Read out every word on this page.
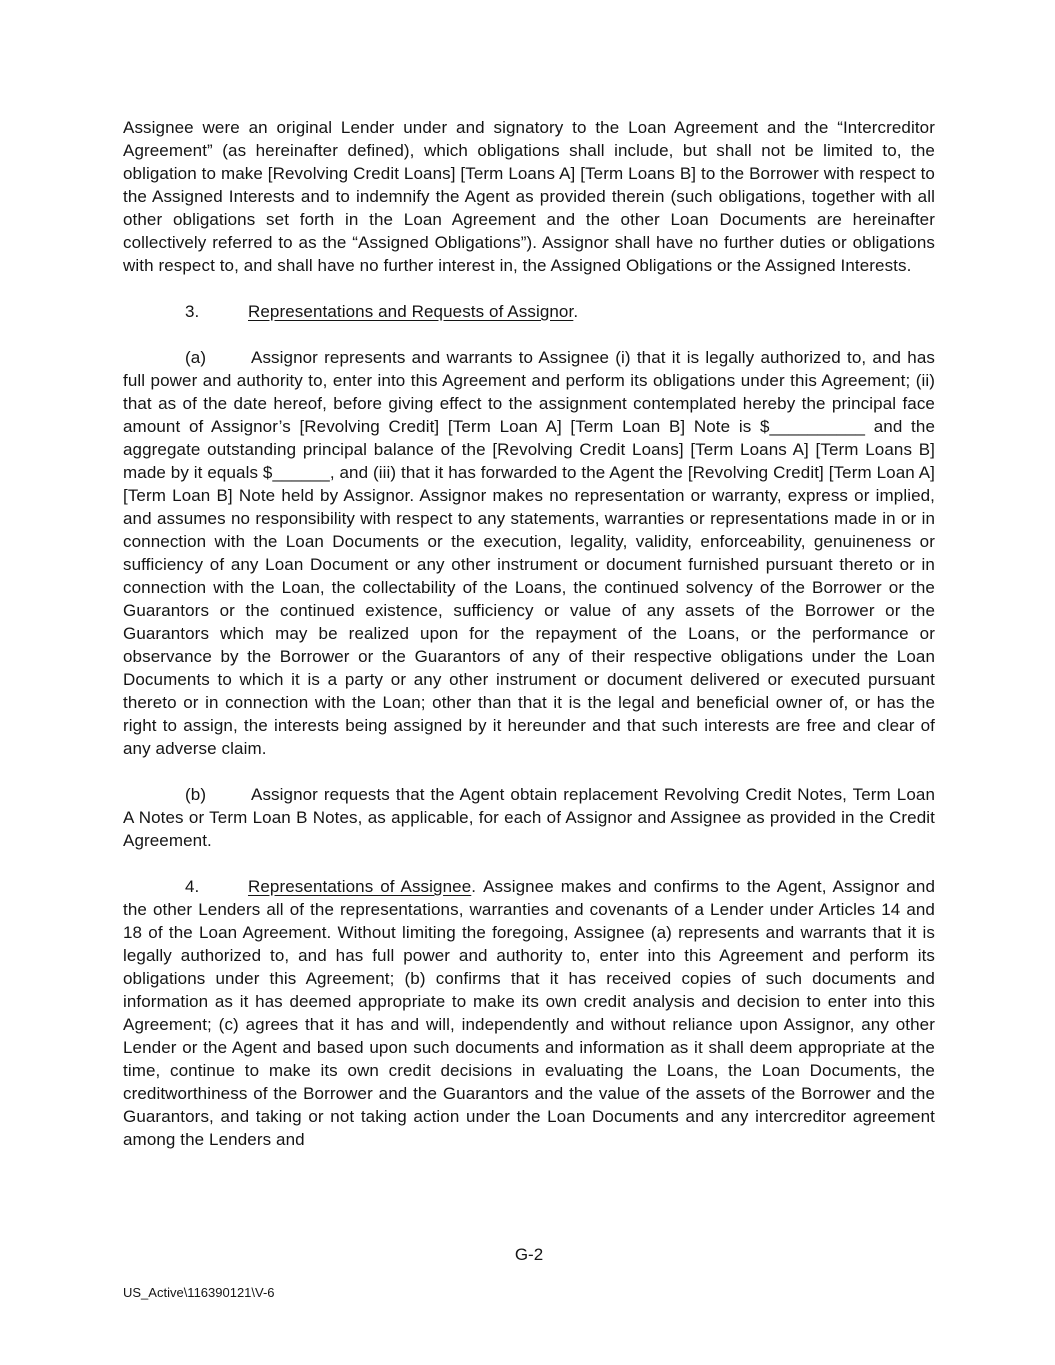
Assignee were an original Lender under and signatory to the Loan Agreement and the “Intercreditor Agreement” (as hereinafter defined), which obligations shall include, but shall not be limited to, the obligation to make [Revolving Credit Loans] [Term Loans A] [Term Loans B] to the Borrower with respect to the Assigned Interests and to indemnify the Agent as provided therein (such obligations, together with all other obligations set forth in the Loan Agreement and the other Loan Documents are hereinafter collectively referred to as the “Assigned Obligations”). Assignor shall have no further duties or obligations with respect to, and shall have no further interest in, the Assigned Obligations or the Assigned Interests.

3.	Representations and Requests of Assignor.

(a)	Assignor represents and warrants to Assignee (i) that it is legally authorized to, and has full power and authority to, enter into this Agreement and perform its obligations under this Agreement; (ii) that as of the date hereof, before giving effect to the assignment contemplated hereby the principal face amount of Assignor’s [Revolving Credit] [Term Loan A] [Term Loan B] Note is $__________ and the aggregate outstanding principal balance of the [Revolving Credit Loans] [Term Loans A] [Term Loans B] made by it equals $______, and (iii) that it has forwarded to the Agent the [Revolving Credit] [Term Loan A] [Term Loan B] Note held by Assignor. Assignor makes no representation or warranty, express or implied, and assumes no responsibility with respect to any statements, warranties or representations made in or in connection with the Loan Documents or the execution, legality, validity, enforceability, genuineness or sufficiency of any Loan Document or any other instrument or document furnished pursuant thereto or in connection with the Loan, the collectability of the Loans, the continued solvency of the Borrower or the Guarantors or the continued existence, sufficiency or value of any assets of the Borrower or the Guarantors which may be realized upon for the repayment of the Loans, or the performance or observance by the Borrower or the Guarantors of any of their respective obligations under the Loan Documents to which it is a party or any other instrument or document delivered or executed pursuant thereto or in connection with the Loan; other than that it is the legal and beneficial owner of, or has the right to assign, the interests being assigned by it hereunder and that such interests are free and clear of any adverse claim.

(b)	Assignor requests that the Agent obtain replacement Revolving Credit Notes, Term Loan A Notes or Term Loan B Notes, as applicable, for each of Assignor and Assignee as provided in the Credit Agreement.

4.	Representations of Assignee. Assignee makes and confirms to the Agent, Assignor and the other Lenders all of the representations, warranties and covenants of a Lender under Articles 14 and 18 of the Loan Agreement. Without limiting the foregoing, Assignee (a) represents and warrants that it is legally authorized to, and has full power and authority to, enter into this Agreement and perform its obligations under this Agreement; (b) confirms that it has received copies of such documents and information as it has deemed appropriate to make its own credit analysis and decision to enter into this Agreement; (c) agrees that it has and will, independently and without reliance upon Assignor, any other Lender or the Agent and based upon such documents and information as it shall deem appropriate at the time, continue to make its own credit decisions in evaluating the Loans, the Loan Documents, the creditworthiness of the Borrower and the Guarantors and the value of the assets of the Borrower and the Guarantors, and taking or not taking action under the Loan Documents and any intercreditor agreement among the Lenders and

G-2
US_Active\116390121\V-6
